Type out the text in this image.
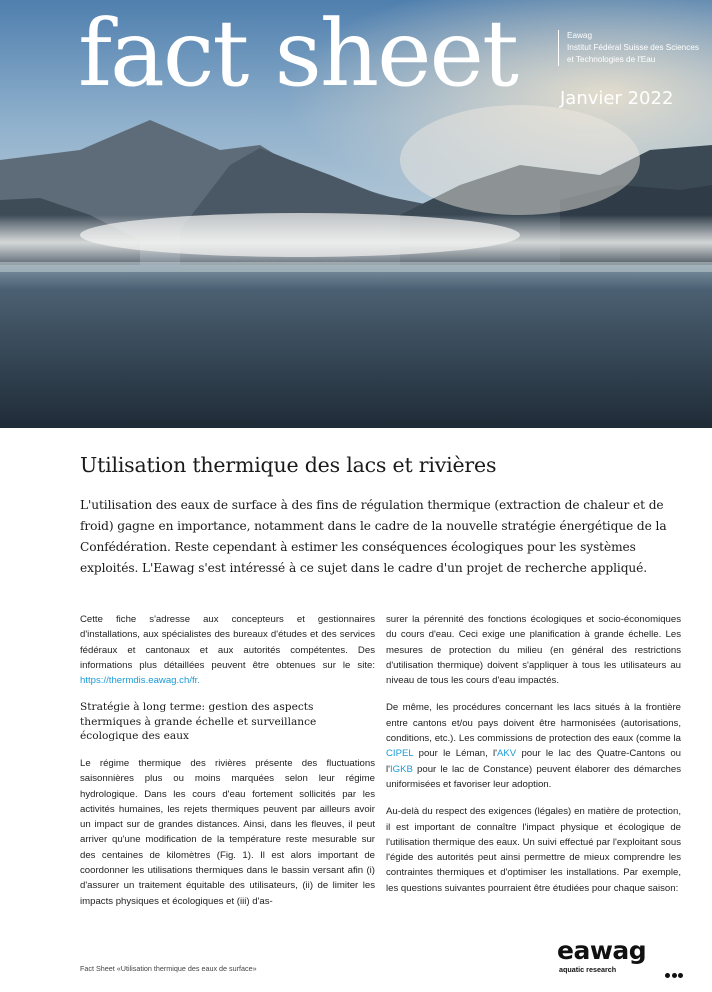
fact sheet	Eawag
Institut Fédéral Suisse des Sciences
et Technologies de l'Eau
Janvier 2022
Utilisation thermique des lacs et rivières

L'utilisation des eaux de surface à des fins de régulation thermique (extraction de chaleur et de froid) gagne en importance, notamment dans le cadre de la nouvelle stratégie énergétique de la Confédération. Reste cependant à estimer les conséquences écologiques pour les systèmes exploités. L'Eawag s'est intéressé à ce sujet dans le cadre d'un projet de recherche appliqué.

Cette fiche s'adresse aux concepteurs et gestionnaires d'installations, aux spécialistes des bureaux d'études et des services fédéraux et cantonaux et aux autorités compétentes. Des informations plus détaillées peuvent être obtenues sur le site: https://thermdis.eawag.ch/fr.

Stratégie à long terme: gestion des aspects thermiques à grande échelle et surveillance écologique des eaux

Le régime thermique des rivières présente des fluctuations saisonnières plus ou moins marquées selon leur régime hydrologique. Dans les cours d'eau fortement sollicités par les activités humaines, les rejets thermiques peuvent par ailleurs avoir un impact sur de grandes distances. Ainsi, dans les fleuves, il peut arriver qu'une modification de la température reste mesurable sur des centaines de kilomètres (Fig. 1). Il est alors important de coordonner les utilisations thermiques dans le bassin versant afin (i) d'assurer un traitement équitable des utilisateurs, (ii) de limiter les impacts physiques et écologiques et (iii) d'as-

surer la pérennité des fonctions écologiques et socio-économiques du cours d'eau. Ceci exige une planification à grande échelle. Les mesures de protection du milieu (en général des restrictions d'utilisation thermique) doivent s'appliquer à tous les utilisateurs au niveau de tous les cours d'eau impactés.

De même, les procédures concernant les lacs situés à la frontière entre cantons et/ou pays doivent être harmonisées (autorisations, conditions, etc.). Les commissions de protection des eaux (comme la CIPEL pour le Léman, l'AKV pour le lac des Quatre-Cantons ou l'IGKB pour le lac de Constance) peuvent élaborer des démarches uniformisées et favoriser leur adoption.

Au-delà du respect des exigences (légales) en matière de protection, il est important de connaître l'impact physique et écologique de l'utilisation thermique des eaux. Un suivi effectué par l'exploitant sous l'égide des autorités peut ainsi permettre de mieux comprendre les contraintes thermiques et d'optimiser les installations. Par exemple, les questions suivantes pourraient être étudiées pour chaque saison:

Fact Sheet «Utilisation thermique des eaux de surface»
eawag
aquatic research
